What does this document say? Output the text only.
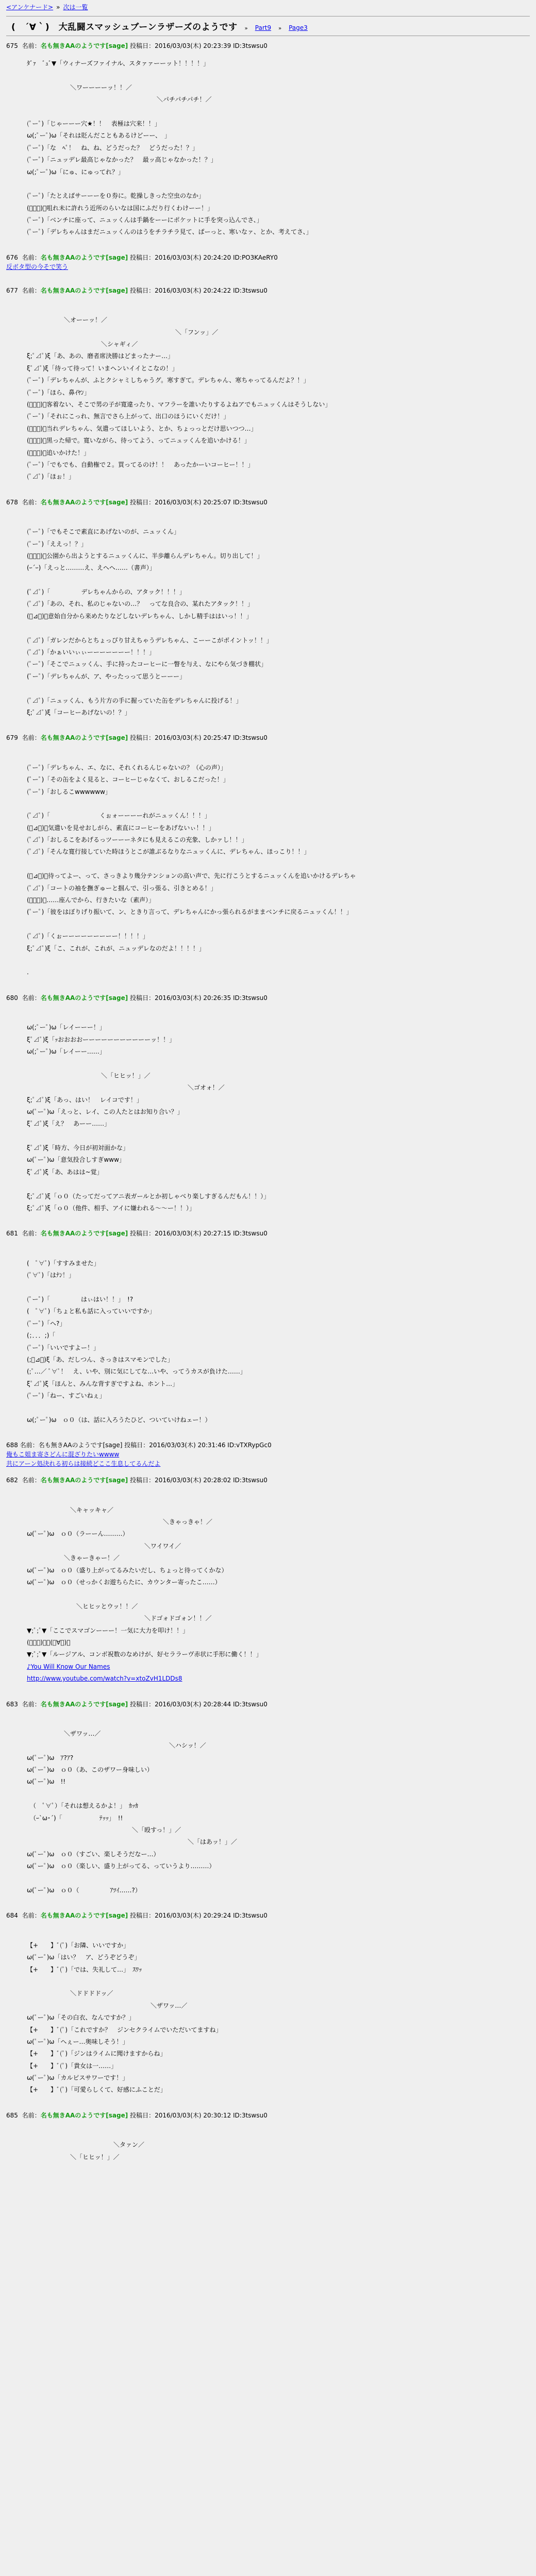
<アンケナード> » 次は一覧
(　´∀｀)　大乱闘スマッシュブーンラザーズのようです » Part9 » Page3
675 名前：名も無きAAのようです[sage] 投稿日：2016/03/03(木) 20:23:39 ID:3tswsu0
ﾀﾞｧ　ﾞｭﾞ▼「ウィナーズファイナル、スタァァーーット！！！！」

　　　　　　　＼ワーーーーッ！！／
　　　　　　　　　　　　　　　　　　　　　＼パチパチパチ！／

(ﾟーﾟ)「じゃーーー穴★！！　表極は穴来！！」
ω(;ﾟーﾟ)ω「それは貶んだこともあるけどーー、　」
(ﾟーﾟ)「な　ﾍﾟ！　ね、ね、どうだった？　どうだった！？」
(ﾟーﾟ)「ニュッデレ最高じゃなかった？　最ッ高じゃなかった！？」
ω(;ﾟーﾟ)ω「にゅ、にゅってれ？」

(ﾟーﾟ)「たとえばサーーーを０券に。乾操しきった空虫のなか」
(ﾟーﾟ)「咀れ未に許れう近所のらいなは国にふだり行くわけーー！」
(ﾟーﾟ)「ベンチに座って、ニュッくんは手鍋をーーにポケットに手を突っ込んでさ、」
(ﾟーﾟ)「デレちゃんはまだニュッくんのはうをチラチラ見て、ぱーっと、寒いなァ、とか、考えてさ、」
676 名前：名も無きAAのようです[sage] 投稿日：2016/03/03(木) 20:24:20 ID:PO3KAeRY0
反ボタ型の今そで笑う
677 名前：名も無きAAのようです[sage] 投稿日：2016/03/03(木) 20:24:22 ID:3tswsu0

　　　　　　＼オーーッ！／
　　　　　　　　　　　　　　　　　　　　　　　　＼「フンッ」／
　　　　　　　　　　　　＼シャギィ／
ξ;ﾟ⊿ﾟ)ξ「あ、あの、磨者席決勝はどまったナー…」
ξﾟ⊿ﾟ)ξ「待って待って！いまヘンいイイとこなの！」
(ﾟーﾟ)「デレちゃんが、ふとクシャミしちゃうグ。寒すぎて。デレちゃん、寒ちゃってるんだよ？！」
(ﾟーﾟ)「ほら、鼻ｲﾔﾝ」
(ﾟーﾟ)「客着ない、そこで男の子が寛違ったり、マフラーを誰いたりするよねアでもニュッくんはそうしない」
(ﾟーﾟ)「それにこっれ、無言でさら上がって、出口のほうにいくだけ！」
(ﾟーﾟ)「当れデレちゃん、気遣ってほしいよう、とか、ちょっっとだけ思いつつ…」
(ﾟーﾟ)「黒った帰で。寛いながら、待ってよう、ってニュッくんを追いかける！」
(ﾟーﾟ)「追いかけた！」
(ﾟーﾟ)「でもでも、自動権で２。買ってるのけ！！　あったかーいコーヒー！！」
(ﾟ⊿ﾟ)「ほぉ！」
678 名前：名も無きAAのようです[sage] 投稿日：2016/03/03(木) 20:25:07 ID:3tswsu0

(ﾟーﾟ)「でもそこで素直にあげないのが、ニュッくん」
(ﾟーﾟ)「ええっ！？」
(ﾟーﾟ)「公園から出ようとするニュッくんに、半歩離らんデレちゃん。切り出して！」
(ｰ´ｰ)「えっと………え、えヘヘ……（書声）」

(ﾟ⊿ﾟ)「　　　　　デレちゃんからの、アタック！！！」
(ﾟ⊿ﾟ)「あの、それ、私のじゃないの…？　ってな良合の、某れたアタック！！」
(ﾟ⊿ﾟ)「意始自分から来めたりなどしないデレちゃん、しかし精手ははいっ！！」

(ﾟ⊿ﾟ)「ガレンだからとちょっぴり甘えちゃうデレちゃん、こーーこがポイントッ！！」
(ﾟ⊿ﾟ)「かぁいいぃぃーーーーーーー！！！」
(ﾟーﾟ)「そこでニュッくん、手に持ったコーヒーに一瞥を与え、なにやら気づき棚状」
(ﾟーﾟ)「デレちゃんが、ア、やったっって思うとーーー」

(ﾟ⊿ﾟ)「ニュッくん、もう片方の手に握っていた缶をデレちゃんに投げる！」
ξ;ﾟ⊿ﾟ)ξ「コーヒーあげないの！？」
679 名前：名も無きAAのようです[sage] 投稿日：2016/03/03(木) 20:25:47 ID:3tswsu0

(ﾟーﾟ)「デレちゃん、エ、なに、それくれるんじゃないの？（心の声）」
(ﾟーﾟ)「その缶をよく見ると、コーヒーじゃなくて、おしるこだった！」
(ﾟーﾟ)「おしるこwwwwww」

(ﾟ⊿ﾟ)「　　　　　　　　くぉォーーーーれがニュッくん！！！」
(ﾟ⊿ﾟ)「気遣いを見せおしがら、素直にコーヒーをあげないぃ！！」
(ﾟ⊿ﾟ)「おしるこをあげるっツーーーネタにも見えるこの充象、しかァし！！」
(ﾟ⊿ﾟ)「そんな寛行接していた時ほうとこが誰ぶるなりなニュッくんに、デレちゃん、ほっこり！！」

(ﾟ⊿ﾟ)「待ってよー、って、さっきより幾分テンションの高い声で、先に行こうとするニュッくんを追いかけるデレちゃ
(ﾟ⊿ﾟ)「コートの袖を撫ぎゅーと掴んで、引っ張る、引きとめる！」
(ﾟーﾟ)「……座んでから、行きたいな（素声）」
(ﾟーﾟ)「彼をはぼりげり振いて、ン、ときり言って、デレちゃんにかっ張られるがままベンチに戻るニュッくん！！」

(ﾟ⊿ﾟ)「くぉーーーーーーーーー！！！！」
ξ;ﾟ⊿ﾟ)ξ「こ、これが、これが、ニュッデレなのだよ！！！！」

.
680 名前：名も無きAAのようです[sage] 投稿日：2016/03/03(木) 20:26:35 ID:3tswsu0

ω(;ﾟーﾟ)ω「レイーーー！」
ξﾟ⊿ﾟ)ξ「ｯおおおおーーーーーーーーーーーッ！！」
ω(;ﾟーﾟ)ω「レイーー……」

　　　　　　　　　　　　＼「ヒヒッ！」／
　　　　　　　　　　　　　　　　　　　　　　　　　　＼ゴオォ！／
ξ;ﾟ⊿ﾟ)ξ「あっ、はい！　レイコです！」
ω(ﾟーﾟ)ω「えっと、レイ、この人たとはお知り合い？」
ξﾟ⊿ﾟ)ξ「え？　あーー……」

ξﾟ⊿ﾟ)ξ「時方、今日が初対面かな」
ω(ﾟーﾟ)ω「意気投合しすぎwww」
ξﾟ⊿ﾟ)ξ「あ、あはは~覚」

ξ;ﾟ⊿ﾟ)ξ「ｏ０（たってだってアニ表ガールとか初しゃべり楽しすぎるんだもん！！）」
ξ;ﾟ⊿ﾟ)ξ「ｏ０（他件、相手、アイに嫌われる～～ー！！）」
681 名前：名も無きAAのようです[sage] 投稿日：2016/03/03(木) 20:27:15 ID:3tswsu0

(　ﾟ∀ﾟ)「すすみませた」
(ﾟ∀ﾟ)「はﾅﾝ！」

(ﾟーﾟ)「　　　　　はぃはい！！」　!?
(　ﾟ∀ﾟ)「ちょと私も話に入っていいですか」
(ﾟーﾟ)「ヘ?」
(；．．．;)「
(ﾟーﾟ)「いいですよー！」
(;ﾟ⊿ﾟ)ξ「あ、だしつん、さっきはスマモンでした」
(;ﾟ…／ ﾟ∀ﾟ！　え、いや、別に気にしてな…いや、ってうカスが負けた……」
ξﾟ⊿ﾟ)ξ「ほんと、みんな背すぎですよね、ホント…」
(ﾟーﾟ)「ねー、すごいねぇ」

ω(;ﾟーﾟ)ω　ｏ０（は、話に入ろうたひど、ついていけねェー！）
688 名前：名も無きAAのようです[sage] 投稿日：2016/03/03(木) 20:31:46 ID:vTXRypGc0
俺もこ姐ま寄さどんに混ざりたいwwww
共にアーン処決れる初らは接続どここ生息してるんだよ
682 名前：名も無きAAのようです[sage] 投稿日：2016/03/03(木) 20:28:02 ID:3tswsu0

　　　　　　　＼キャッキャ／
　　　　　　　　　　　　　　　　　　　　　　＼きゃっきゃ！／
ω(ﾟーﾟ)ω　ｏ０（ラーーん………）
　　　　　　　　　　　　　　　　　　　＼ワイワイ／
　　　　　　＼きゃーきゃー！／
ω(ﾟーﾟ)ω　ｏ０（盛り上がってるみたいだし、ちょっと待ってくかな）
ω(ﾟーﾟ)ω　ｏ０（せっかくお遊ちらたに、カウンター寄ったこ……）

　　　　　　　　＼ヒヒッとウッ！！／
　　　　　　　　　　　　　　　　　　　＼ドゴォドゴォン！！／
▼;ﾟ;ﾟ▼「ここでスマゴンーーー！一気に大力を叩け！！」
(ﾟーﾟ)「ﾞ(ｰ∀ｰ)」
▼;ﾟ;ﾟ▼「ルージアル、コンボ祝数のなめけが、好セララーヴ赤状に手形に働く！！」
♪You Will Know Our Names
http://www.youtube.com/watch?v=xtoZvH1LDDs8
683 名前：名も無きAAのようです[sage] 投稿日：2016/03/03(木) 20:28:44 ID:3tswsu0

　　　　　　＼ザワッ…／
　　　　　　　　　　　　　　　　　　　　　　　＼ハシッ！／
ω(ﾟーﾟ)ω　ｱ?ｱ?
ω(ﾟーﾟ)ω　ｏ０（あ、このザワー身味しい）
ω(ﾟーﾟ)ω　!!

　（　ﾟ∀ﾟ）「それは想えるかよ！」　ｶｯｶ
　（ｰ`ω･´)「　　　　　　ﾃｯｯ」　!!
　　　　　　　　　　　　　　　　　＼「殴すっ！」／
　　　　　　　　　　　　　　　　　　　　　　　　　　＼「はあッ！」／
ω(ﾟーﾟ)ω　ｏ０（すごい、楽しそうだなー…）
ω(ﾟーﾟ)ω　ｏ０（楽しい、盛り上がってる、っていうより………）

ω(ﾟーﾟ)ω　ｏ０（　　　　　ｱﾂｲ……?）
684 名前：名も無きAAのようです[sage] 投稿日：2016/03/03(木) 20:29:24 ID:3tswsu0

【+　　】ﾞ(ﾟ)「お隣、いいですか」
ω(ﾟーﾟ)ω「はい？　ア、どうぞどうぞ」
【+　　】ﾞ(ﾟ)「では、失礼して…」　ｽﾜｯ

　　　　　　　＼ドドドドッ／
　　　　　　　　　　　　　　　　　　　　＼ザワッ…／
ω(ﾟーﾟ)ω「その白衣、なんですか？」
【+　　】ﾞ(ﾟ)「これですか？　ジンセクライムでいただいてますね」
ω(ﾟーﾟ)ω「へぇー…奥味しそう！」
【+　　】ﾞ(ﾟ)「ジンはライムに聞けますからね」
【+　　】ﾞ(ﾟ)「貴女は一……」
ω(ﾟーﾟ)ω「カルピスサワーです！」
【+　　】ﾞ(ﾟ)「可愛らしくて、好感にふことだ」
685 名前：名も無きAAのようです[sage] 投稿日：2016/03/03(木) 20:30:12 ID:3tswsu0

　　　　　　　　　　　　　　＼タァン／
　　　　　　　＼「ヒヒッ！」／
